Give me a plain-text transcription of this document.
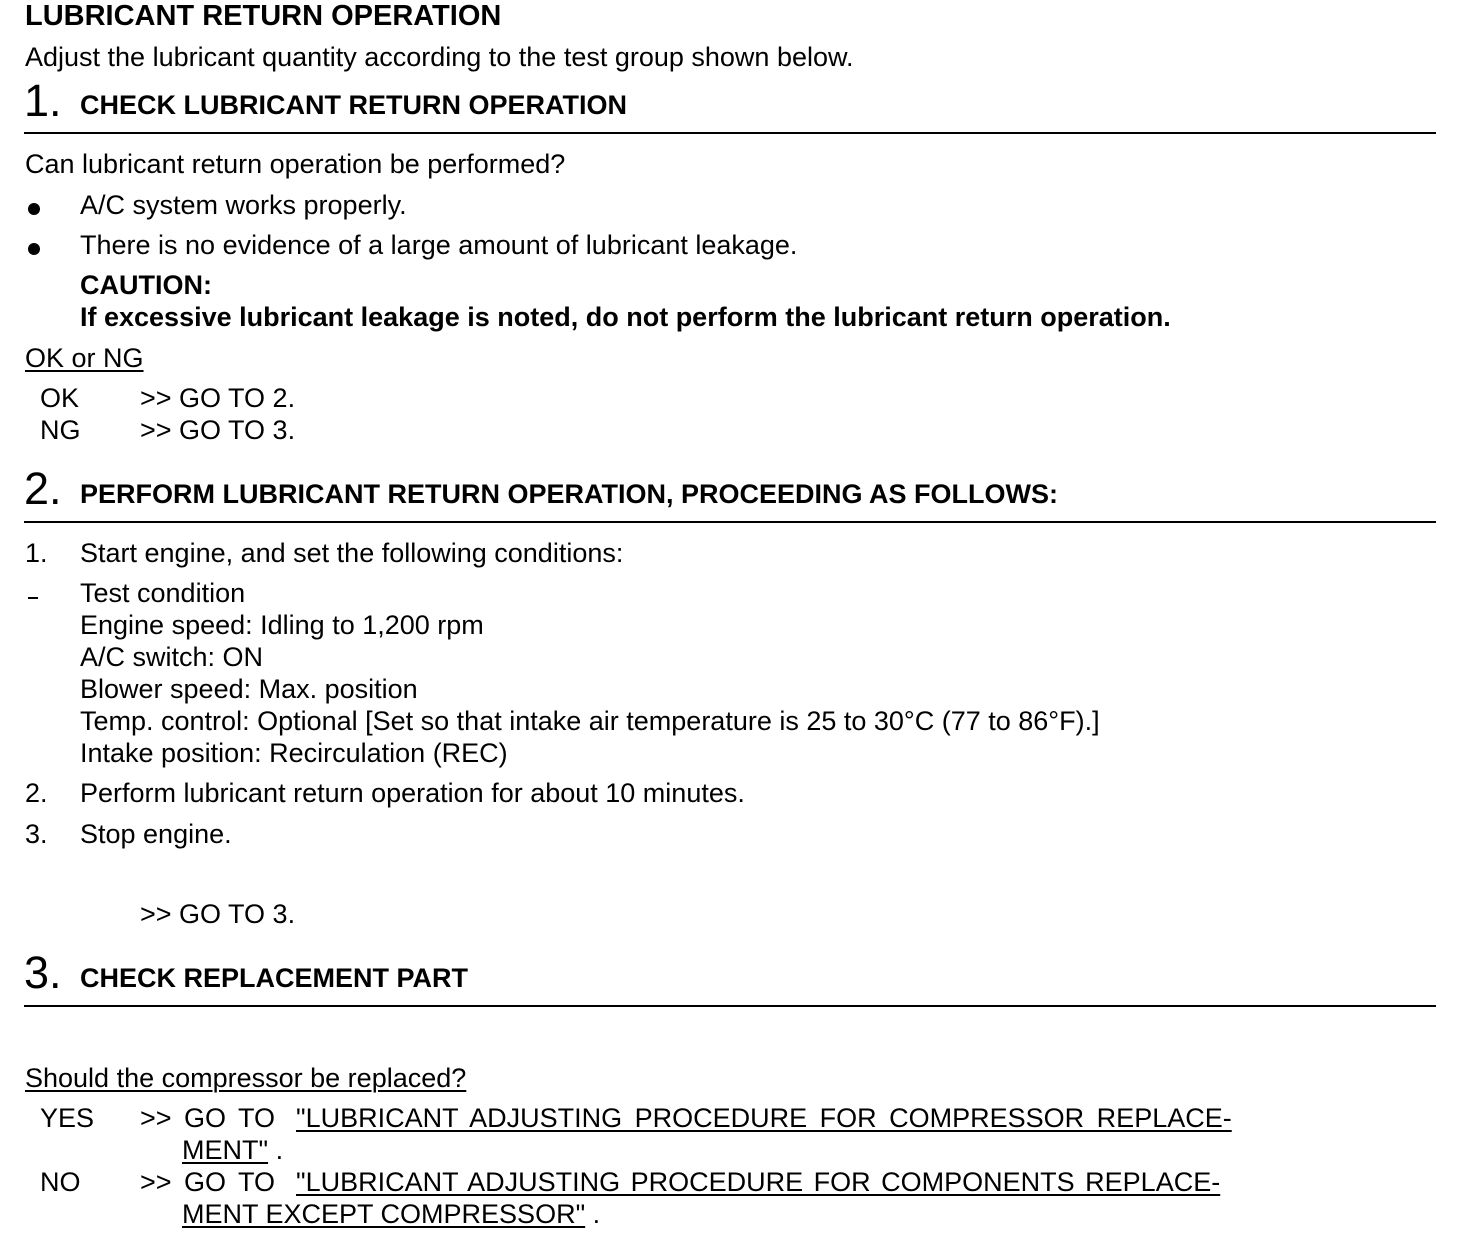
LUBRICANT RETURN OPERATION
Adjust the lubricant quantity according to the test group shown below.
1. CHECK LUBRICANT RETURN OPERATION
Can lubricant return operation be performed?
A/C system works properly.
There is no evidence of a large amount of lubricant leakage.
CAUTION:
If excessive lubricant leakage is noted, do not perform the lubricant return operation.
OK or NG
OK >> GO TO 2.
NG >> GO TO 3.
2. PERFORM LUBRICANT RETURN OPERATION, PROCEEDING AS FOLLOWS:
1. Start engine, and set the following conditions:
Test condition
Engine speed: Idling to 1,200 rpm
A/C switch: ON
Blower speed: Max. position
Temp. control: Optional [Set so that intake air temperature is 25 to 30°C (77 to 86°F).]
Intake position: Recirculation (REC)
2. Perform lubricant return operation for about 10 minutes.
3. Stop engine.
>> GO TO 3.
3. CHECK REPLACEMENT PART
Should the compressor be replaced?
YES >> GO TO "LUBRICANT ADJUSTING PROCEDURE FOR COMPRESSOR REPLACE-
MENT" .
NO >> GO TO "LUBRICANT ADJUSTING PROCEDURE FOR COMPONENTS REPLACE-
MENT EXCEPT COMPRESSOR" .
